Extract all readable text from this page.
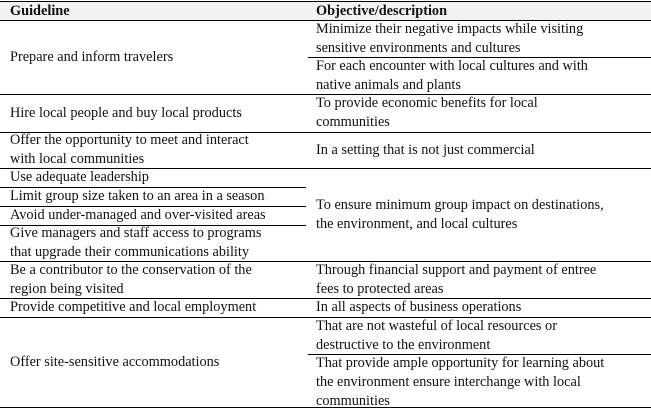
Guideline	Objective/description
Prepare and inform travelers
Minimize their negative impacts while visiting
sensitive environments and cultures
For each encounter with local cultures and with
native animals and plants
Hire local people and buy local products
To provide economic benefits for local
communities
Offer the opportunity to meet and interact
with local communities
In a setting that is not just commercial
Use adequate leadership
Limit group size taken to an area in a season
Avoid under-managed and over-visited areas
Give managers and staff access to programs
that upgrade their communications ability
To ensure minimum group impact on destinations,
the environment, and local cultures
Be a contributor to the conservation of the
region being visited
Through financial support and payment of entree
fees to protected areas
Provide competitive and local employment	In all aspects of business operations
Offer site-sensitive accommodations
That are not wasteful of local resources or
destructive to the environment
That provide ample opportunity for learning about
the environment ensure interchange with local
communities
